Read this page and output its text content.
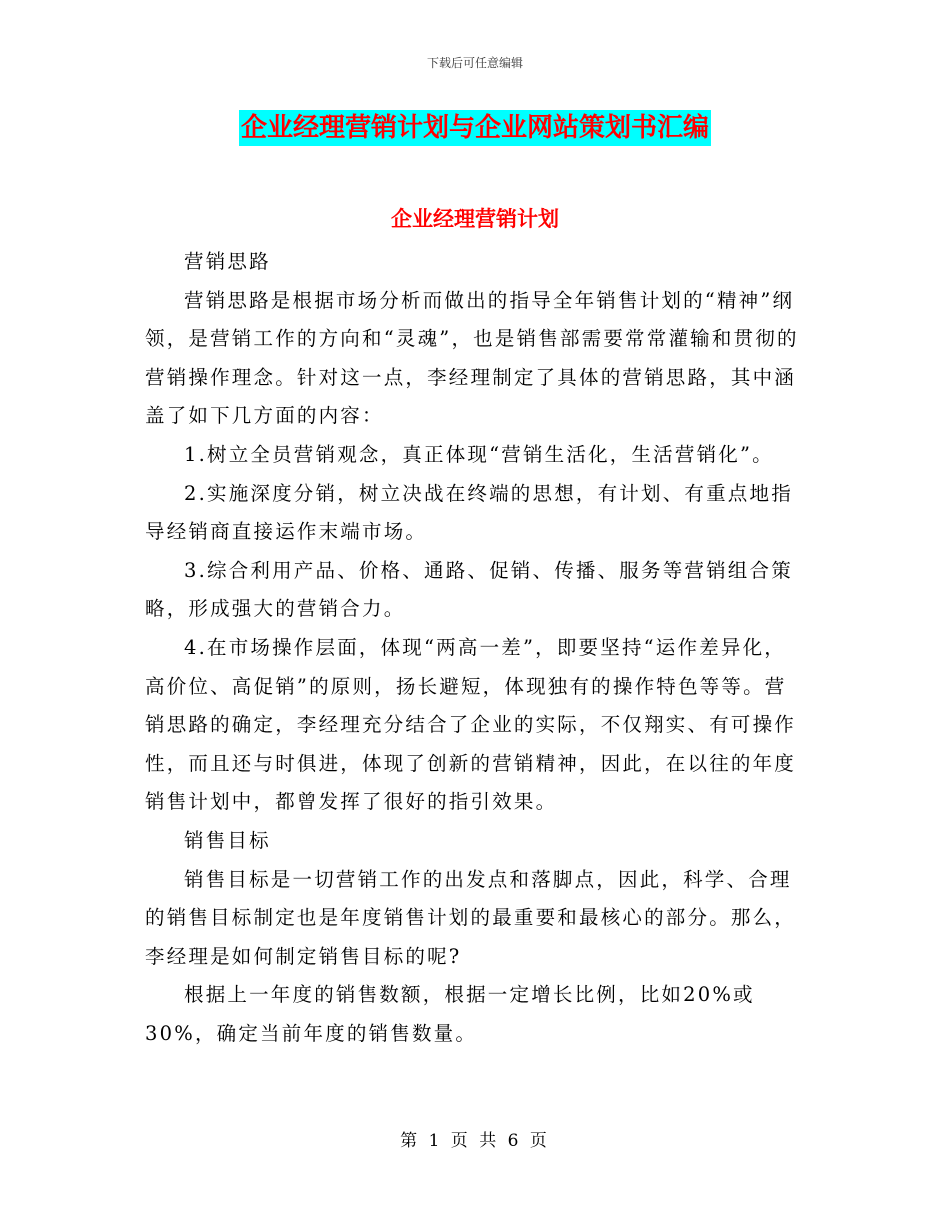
下载后可任意编辑
企业经理营销计划与企业网站策划书汇编
企业经理营销计划

营销思路

营销思路是根据市场分析而做出的指导全年销售计划的“精神”纲领，是营销工作的方向和“灵魂”，也是销售部需要常常灌输和贯彻的营销操作理念。针对这一点，李经理制定了具体的营销思路，其中涵盖了如下几方面的内容：

1.树立全员营销观念，真正体现“营销生活化，生活营销化”。

2.实施深度分销，树立决战在终端的思想，有计划、有重点地指导经销商直接运作末端市场。

3.综合利用产品、价格、通路、促销、传播、服务等营销组合策略，形成强大的营销合力。

4.在市场操作层面，体现“两高一差”，即要坚持“运作差异化，高价位、高促销”的原则，扬长避短，体现独有的操作特色等等。营销思路的确定，李经理充分结合了企业的实际，不仅翔实、有可操作性，而且还与时俱进，体现了创新的营销精神，因此，在以往的年度销售计划中，都曾发挥了很好的指引效果。

销售目标

销售目标是一切营销工作的出发点和落脚点，因此，科学、合理的销售目标制定也是年度销售计划的最重要和最核心的部分。那么，李经理是如何制定销售目标的呢?

根据上一年度的销售数额，根据一定增长比例，比如20%或30%，确定当前年度的销售数量。

第 1 页 共 6 页
